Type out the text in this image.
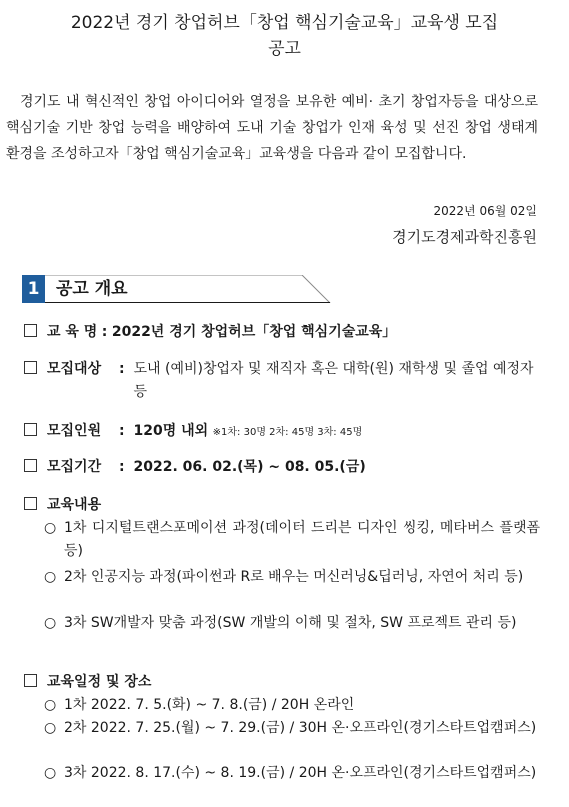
2022년 경기 창업허브「창업 핵심기술교육」교육생 모집
공고
경기도 내 혁신적인 창업 아이디어와 열정을 보유한 예비· 초기 창업자등을 대상으로 핵심기술 기반 창업 능력을 배양하여 도내 기술 창업가 인재 육성 및 선진 창업 생태계 환경을 조성하고자「창업 핵심기술교육」교육생을 다음과 같이 모집합니다.
2022년 06월 02일
경기도경제과학진흥원
1 공고 개요
교 육 명 : 2022년 경기 창업허브「창업 핵심기술교육」
모집대상 : 도내 (예비)창업자 및 재직자 혹은 대학(원) 재학생 및 졸업 예정자 등
모집인원 : 120명 내외 ※1차: 30명 2차: 45명 3차: 45명
모집기간 : 2022. 06. 02.(목) ~ 08. 05.(금)
교육내용
○ 1차 디지털트랜스포메이션 과정(데이터 드리븐 디자인 씽킹, 메타버스 플랫폼 등)
○ 2차 인공지능 과정(파이썬과 R로 배우는 머신러닝&딥러닝, 자연어 처리 등)
○ 3차 SW개발자 맞춤 과정(SW 개발의 이해 및 절차, SW 프로젝트 관리 등)
교육일정 및 장소
○ 1차 2022. 7. 5.(화) ~ 7. 8.(금) / 20H 온라인
○ 2차 2022. 7. 25.(월) ~ 7. 29.(금) / 30H 온·오프라인(경기스타트업캠퍼스)
○ 3차 2022. 8. 17.(수) ~ 8. 19.(금) / 20H 온·오프라인(경기스타트업캠퍼스)
